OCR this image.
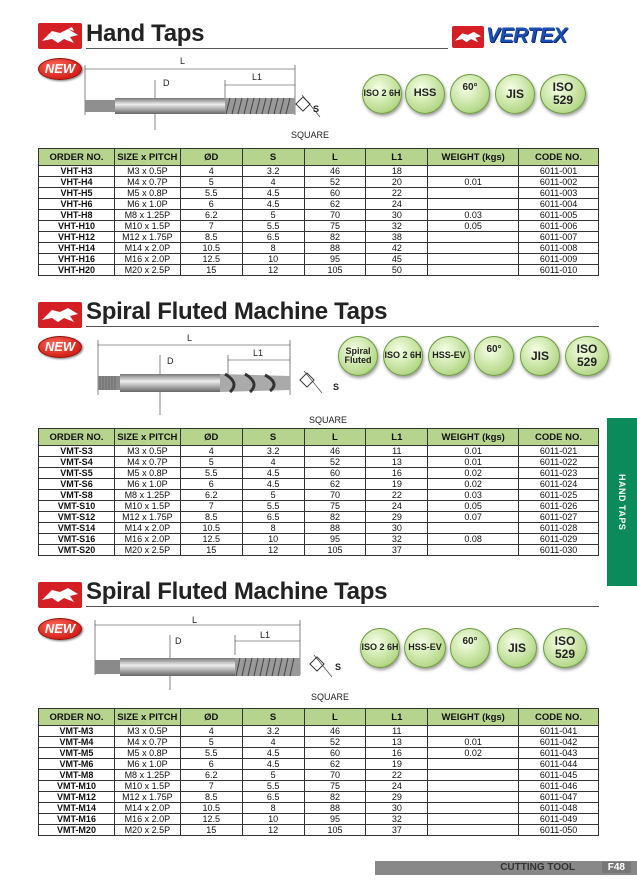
Hand Taps	VERTEX
NEW	L
L1
D
S
SQUARE
ISO 2 6H	HSS	60°	JIS	ISO 529
ORDER NO.	SIZE x PITCH	ØD	S	L	L1	WEIGHT (kgs)	CODE NO.
VHT-H3	M3 x 0.5P	4	3.2	46	18		6011-001
VHT-H4	M4 x 0.7P	5	4	52	20	0.01	6011-002
VHT-H5	M5 x 0.8P	5.5	4.5	60	22		6011-003
VHT-H6	M6 x 1.0P	6	4.5	62	24		6011-004
VHT-H8	M8 x 1.25P	6.2	5	70	30	0.03	6011-005
VHT-H10	M10 x 1.5P	7	5.5	75	32	0.05	6011-006
VHT-H12	M12 x 1.75P	8.5	6.5	82	38		6011-007
VHT-H14	M14 x 2.0P	10.5	8	88	42		6011-008
VHT-H16	M16 x 2.0P	12.5	10	95	45		6011-009
VHT-H20	M20 x 2.5P	15	12	105	50		6011-010
Spiral Fluted Machine Taps
NEW
L
L1
D
S
SQUARE
Spiral Fluted	ISO 2 6H	HSS-EV
60°	JIS	ISO 529
ORDER NO.	SIZE x PITCH	ØD	S	L	L1	WEIGHT (kgs)	CODE NO.
VMT-S3	M3 x 0.5P	4	3.2	46	11	0.01	6011-021
VMT-S4	M4 x 0.7P	5	4	52	13	0.01	6011-022
VMT-S5	M5 x 0.8P	5.5	4.5	60	16	0.02	6011-023
VMT-S6	M6 x 1.0P	6	4.5	62	19	0.02	6011-024
VMT-S8	M8 x 1.25P	6.2	5	70	22	0.03	6011-025
VMT-S10	M10 x 1.5P	7	5.5	75	24	0.05	6011-026
VMT-S12	M12 x 1.75P	8.5	6.5	82	29	0.07	6011-027
VMT-S14	M14 x 2.0P	10.5	8	88	30		6011-028
VMT-S16	M16 x 2.0P	12.5	10	95	32	0.08	6011-029
VMT-S20	M20 x 2.5P	15	12	105	37		6011-030
Spiral Fluted Machine Taps
NEW
L
L1
D
S
SQUARE
ISO 2 6H	HSS-EV
60°	JIS	ISO 529
ORDER NO.	SIZE x PITCH	ØD	S	L	L1	WEIGHT (kgs)	CODE NO.
VMT-M3	M3 x 0.5P	4	3.2	46	11		6011-041
VMT-M4	M4 x 0.7P	5	4	52	13	0.01	6011-042
VMT-M5	M5 x 0.8P	5.5	4.5	60	16	0.02	6011-043
VMT-M6	M6 x 1.0P	6	4.5	62	19		6011-044
VMT-M8	M8 x 1.25P	6.2	5	70	22		6011-045
VMT-M10	M10 x 1.5P	7	5.5	75	24		6011-046
VMT-M12	M12 x 1.75P	8.5	6.5	82	29		6011-047
VMT-M14	M14 x 2.0P	10.5	8	88	30		6011-048
VMT-M16	M16 x 2.0P	12.5	10	95	32		6011-049
VMT-M20	M20 x 2.5P	15	12	105	37		6011-050
HAND TAPS
CUTTING TOOL	F48
